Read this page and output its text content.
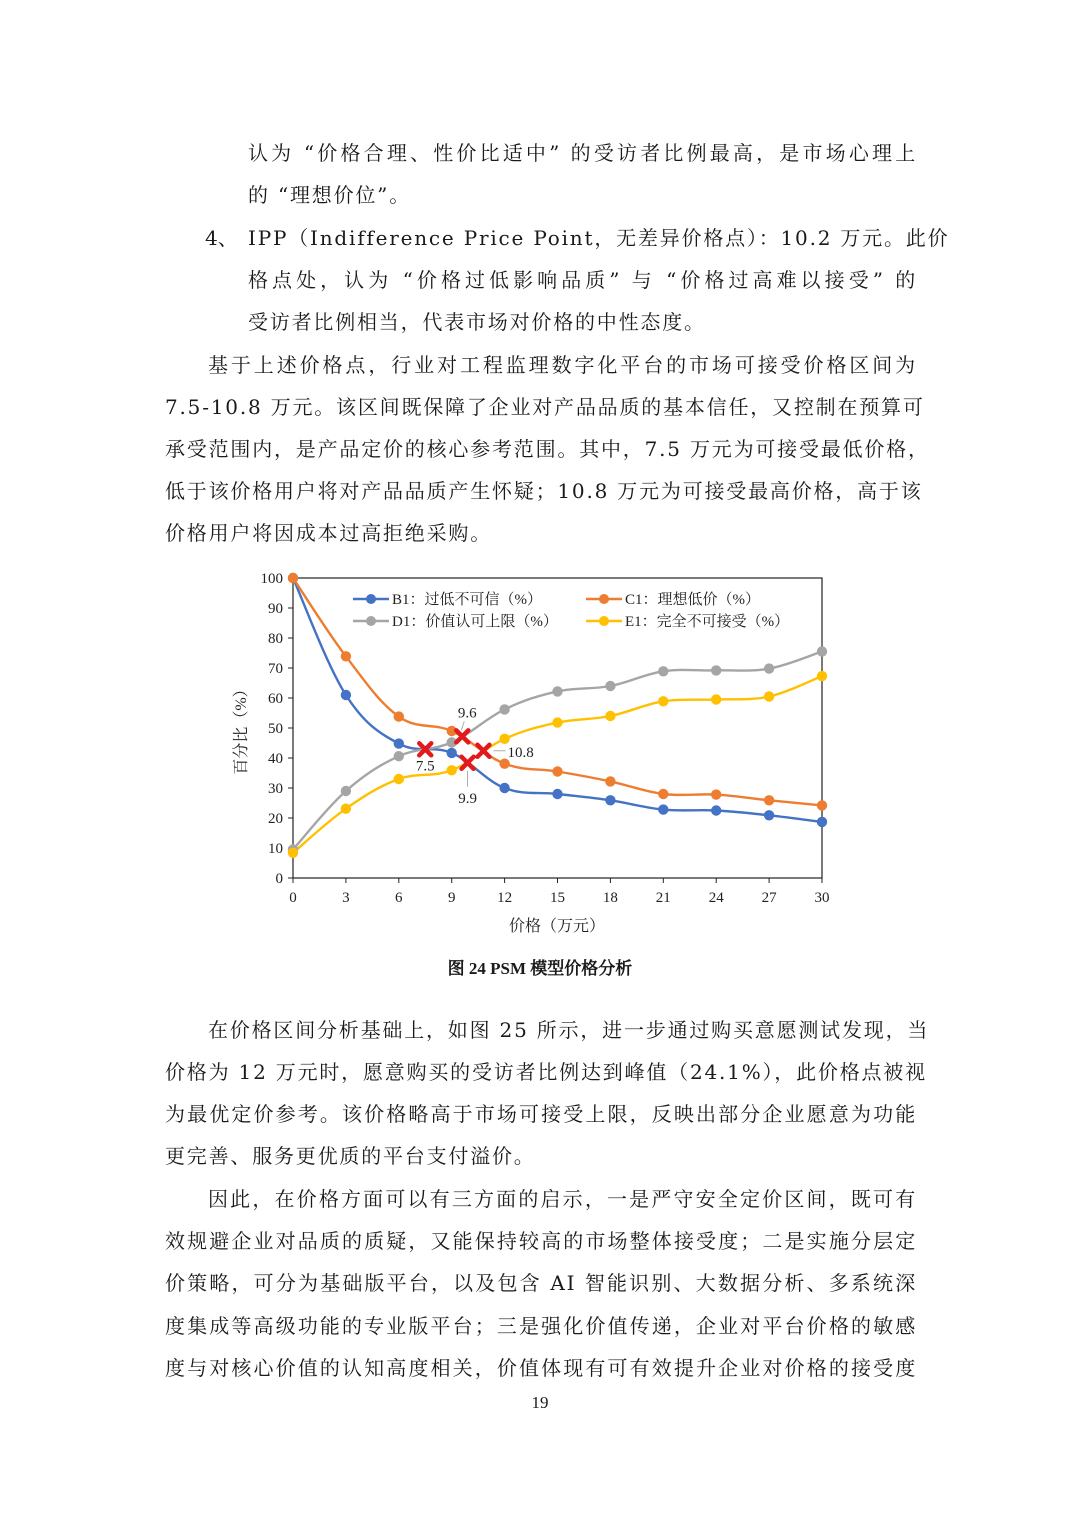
认为 “价格合理、性价比适中” 的受访者比例最高，是市场心理上
的 “理想价位”。
4、 IPP（Indifference Price Point，无差异价格点）：10.2 万元。此价
格点处，认为 “价格过低影响品质” 与 “价格过高难以接受” 的
受访者比例相当，代表市场对价格的中性态度。
基于上述价格点，行业对工程监理数字化平台的市场可接受价格区间为
7.5-10.8 万元。该区间既保障了企业对产品品质的基本信任，又控制在预算可
承受范围内，是产品定价的核心参考范围。其中，7.5 万元为可接受最低价格，
低于该价格用户将对产品品质产生怀疑；10.8 万元为可接受最高价格，高于该
价格用户将因成本过高拒绝采购。
0
10
20
30
40
50
60
70
80
90
100
0	3	6	9	12	15	18	21	24	27	30
7.5
9.6
10.8
9.9
B1：过低不可信（%）	C1：理想低价（%）
D1：价值认可上限（%）	E1：完全不可接受（%）
百分比（%）
价格（万元）
图 24 PSM 模型价格分析
在价格区间分析基础上，如图 25 所示，进一步通过购买意愿测试发现，当
价格为 12 万元时，愿意购买的受访者比例达到峰值（24.1%），此价格点被视
为最优定价参考。该价格略高于市场可接受上限，反映出部分企业愿意为功能
更完善、服务更优质的平台支付溢价。
因此，在价格方面可以有三方面的启示，一是严守安全定价区间，既可有
效规避企业对品质的质疑，又能保持较高的市场整体接受度；二是实施分层定
价策略，可分为基础版平台，以及包含 AI 智能识别、大数据分析、多系统深
度集成等高级功能的专业版平台；三是强化价值传递，企业对平台价格的敏感
度与对核心价值的认知高度相关，价值体现有可有效提升企业对价格的接受度
19
